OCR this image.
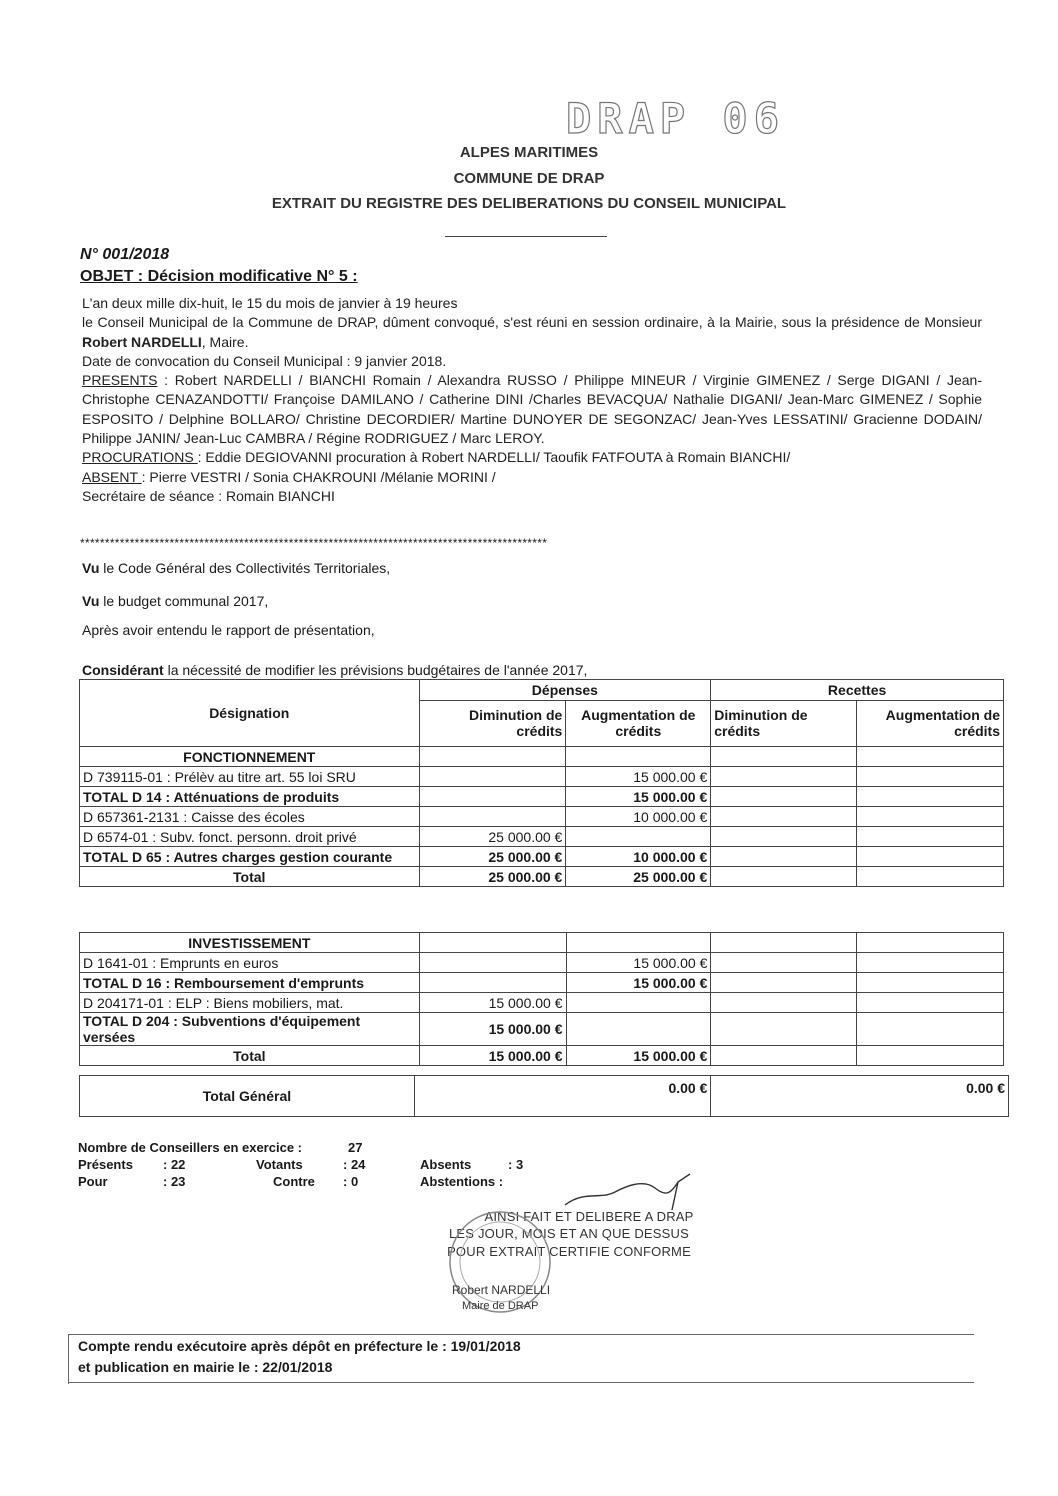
DRAP 06
ALPES MARITIMES
COMMUNE DE DRAP
EXTRAIT DU REGISTRE DES DELIBERATIONS DU CONSEIL MUNICIPAL
N° 001/2018
OBJET : Décision modificative N° 5 :

L'an deux mille dix-huit, le 15 du mois de janvier à 19 heures

le Conseil Municipal de la Commune de DRAP, dûment convoqué, s'est réuni en session ordinaire, à la Mairie, sous la présidence de Monsieur Robert NARDELLI, Maire.

Date de convocation du Conseil Municipal : 9 janvier 2018.

PRESENTS : Robert NARDELLI / BIANCHI Romain / Alexandra RUSSO / Philippe MINEUR / Virginie GIMENEZ / Serge DIGANI / Jean-Christophe CENAZANDOTTI/ Françoise DAMILANO / Catherine DINI /Charles BEVACQUA/ Nathalie DIGANI/ Jean-Marc GIMENEZ / Sophie ESPOSITO / Delphine BOLLARO/ Christine DECORDIER/ Martine DUNOYER DE SEGONZAC/ Jean-Yves LESSATINI/ Gracienne DODAIN/ Philippe JANIN/ Jean-Luc CAMBRA / Régine RODRIGUEZ / Marc LEROY.

PROCURATIONS : Eddie DEGIOVANNI procuration à Robert NARDELLI/ Taoufik FATFOUTA à Romain BIANCHI/

ABSENT : Pierre VESTRI / Sonia CHAKROUNI /Mélanie MORINI /

Secrétaire de séance : Romain BIANCHI

**********************************************************************************************
Vu le Code Général des Collectivités Territoriales,
Vu le budget communal 2017,
Après avoir entendu le rapport de présentation,
Considérant la nécessité de modifier les prévisions budgétaires de l'année 2017,
Désignation	Dépenses		Recettes	
	Diminution de crédits	Augmentation de crédits	Diminution de crédits	Augmentation de crédits
FONCTIONNEMENT				
D 739115-01 : Prélèv au titre art. 55 loi SRU		15 000.00 €		
TOTAL D 14 : Atténuations de produits		15 000.00 €		
D 657361-2131 : Caisse des écoles		10 000.00 €		
D 6574-01 : Subv. fonct. personn. droit privé	25 000.00 €			
TOTAL D 65 : Autres charges gestion courante	25 000.00 €	10 000.00 €		
Total	25 000.00 €	25 000.00 €		
INVESTISSEMENT				
D 1641-01 : Emprunts en euros		15 000.00 €		
TOTAL D 16 : Remboursement d'emprunts		15 000.00 €		
D 204171-01 : ELP : Biens mobiliers, mat.	15 000.00 €			
TOTAL D 204 : Subventions d'équipement versées	15 000.00 €			
Total	15 000.00 €	15 000.00 €		
Total Général	0.00 €	0.00 €
Nombre de Conseillers en exercice :	27
Présents : 22	Votants	: 24	Absents	: 3
Pour	: 23	Contre : 0	Abstentions :
AINSI FAIT ET DELIBERE A DRAP
LES JOUR, MOIS ET AN QUE DESSUS
POUR EXTRAIT CERTIFIE CONFORME
Robert NARDELLI
Maire de DRAP
Compte rendu exécutoire après dépôt en préfecture le : 19/01/2018
et publication en mairie le : 22/01/2018
